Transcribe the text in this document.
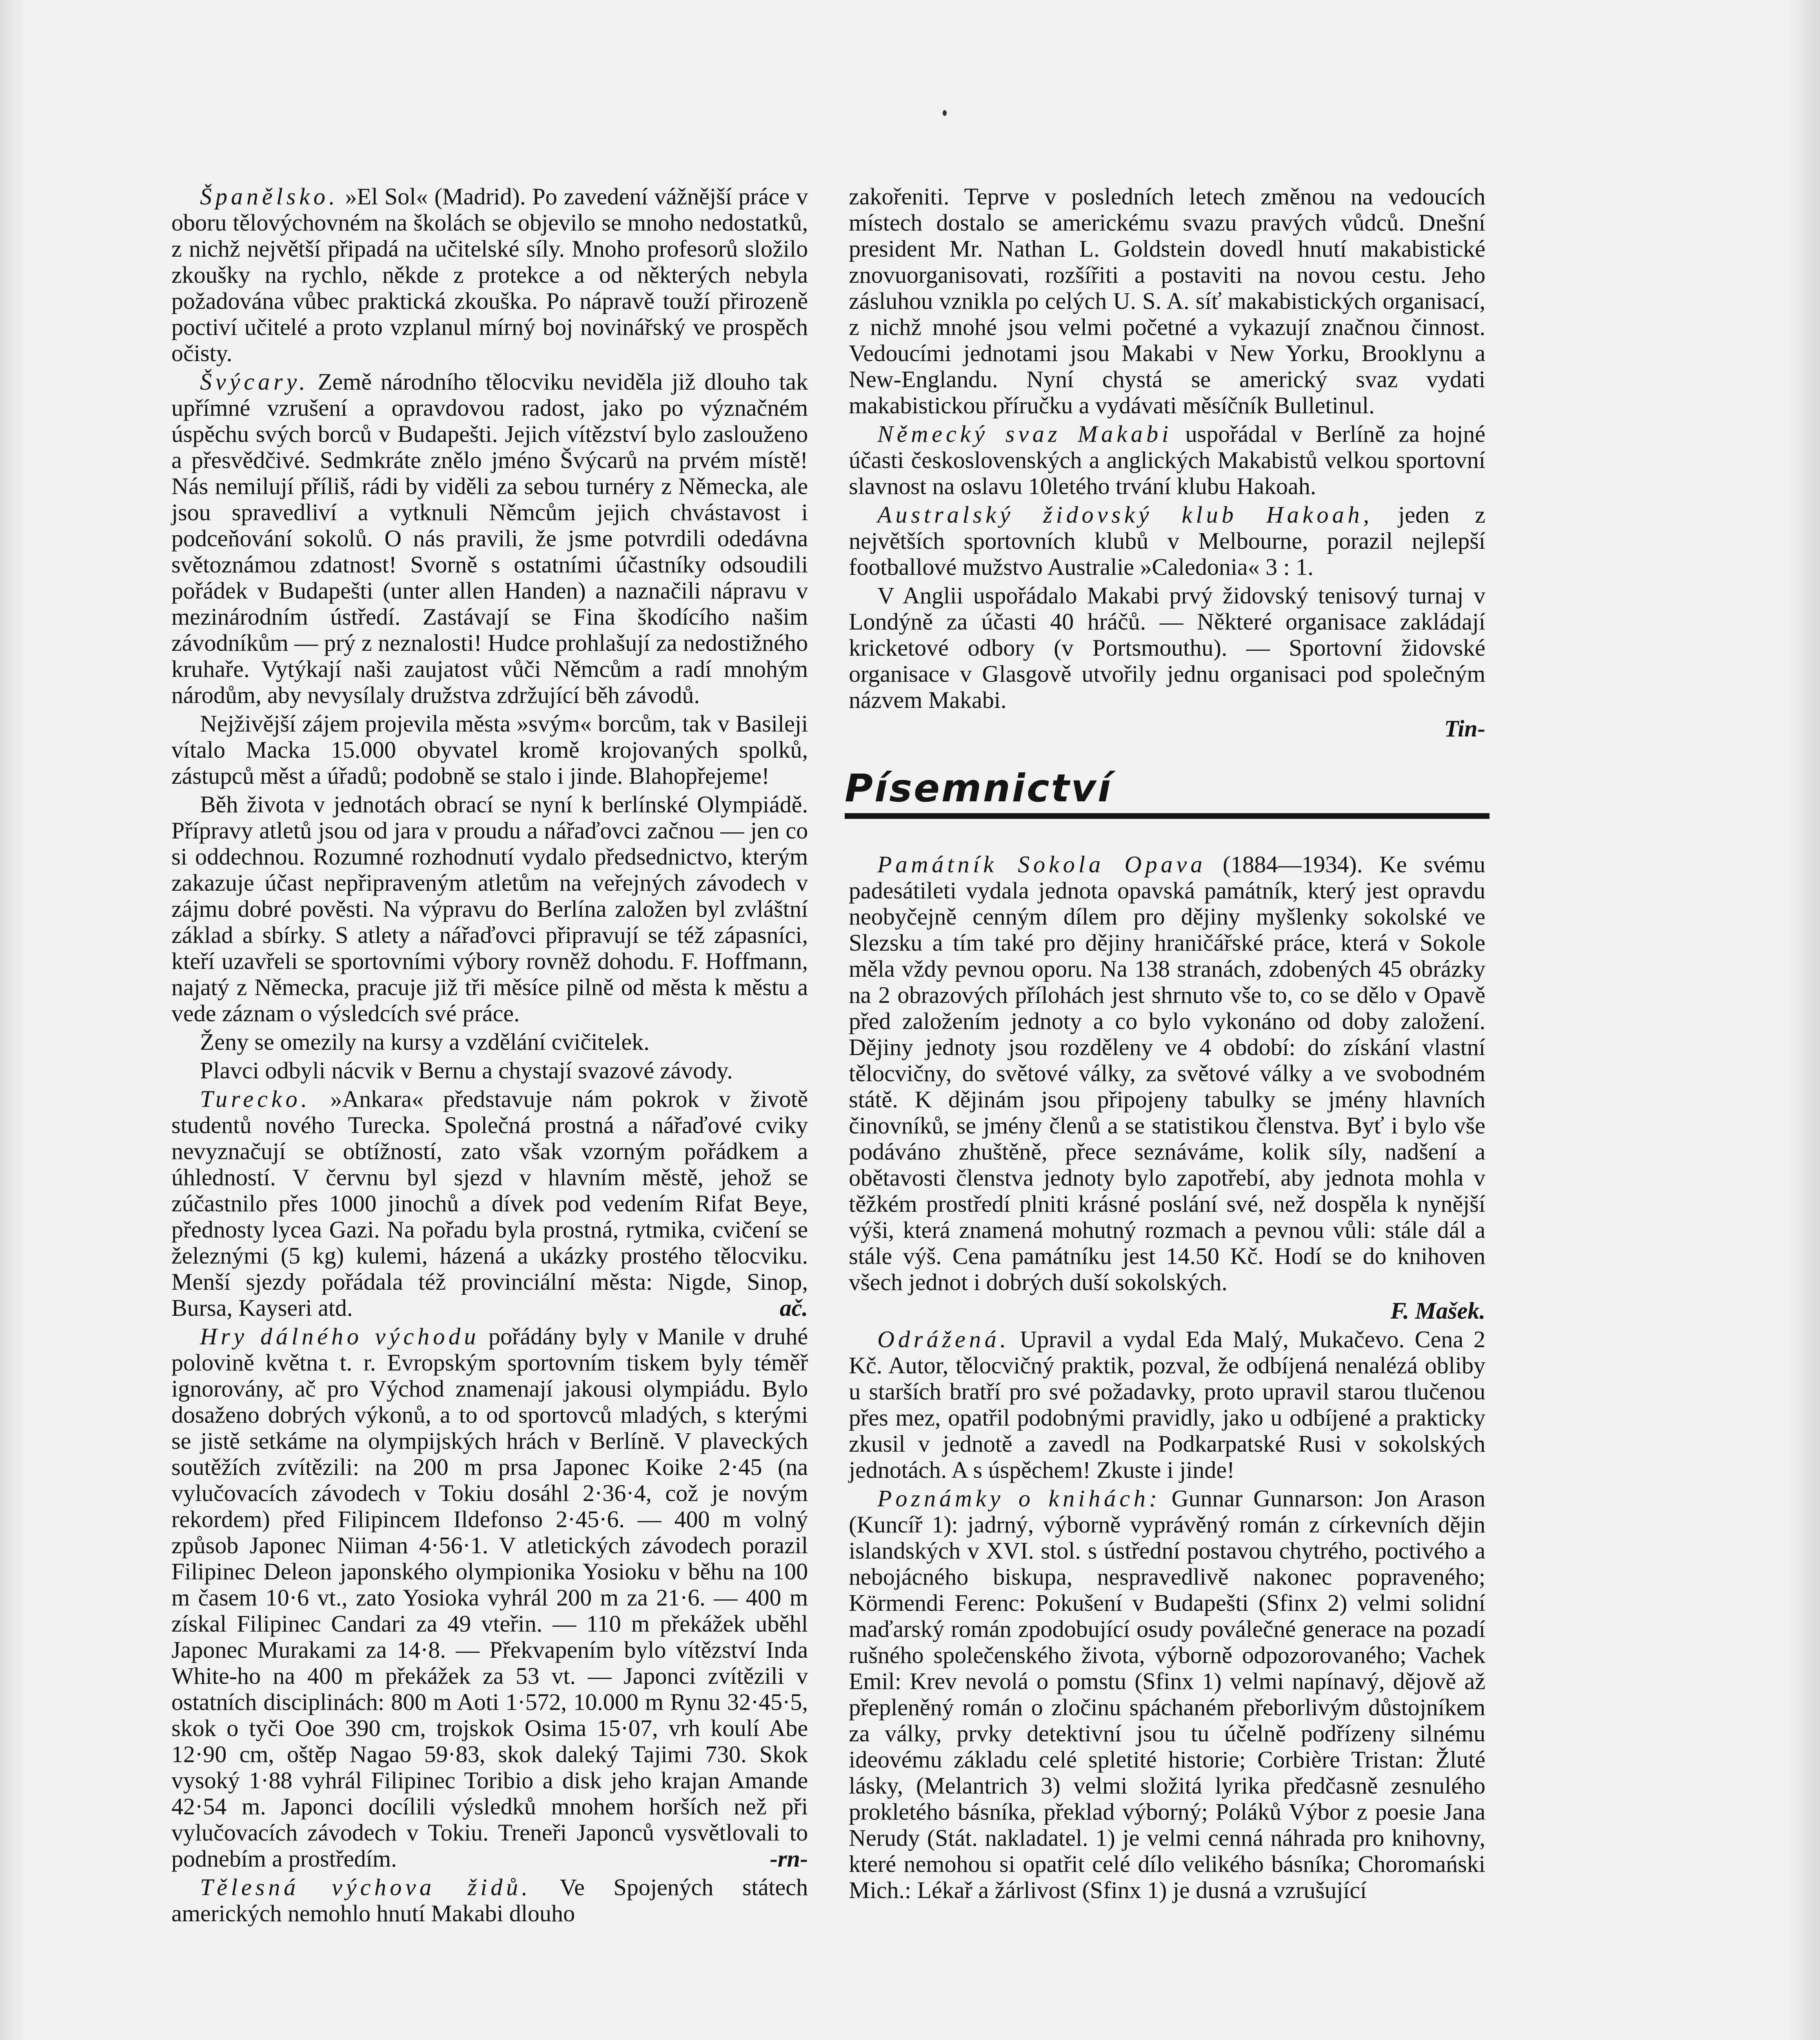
Španělsko. »El Sol« (Madrid). Po zavedení vážnější práce v oboru tělovýchovném na školách se objevilo se mnoho nedostatků, z nichž největší připadá na učitelské síly. Mnoho profesorů složilo zkoušky na rychlo, někde z protekce a od některých nebyla požadována vůbec praktická zkouška. Po nápravě touží přirozeně poctiví učitelé a proto vzplanul mírný boj novinářský ve prospěch očisty.

Švýcary. Země národního tělocviku neviděla již dlouho tak upřímné vzrušení a opravdovou radost, jako po význačném úspěchu svých borců v Budapešti. Jejich vítězství bylo zaslouženo a přesvědčivé. Sedmkráte znělo jméno Švýcarů na prvém místě! Nás nemilují příliš, rádi by viděli za sebou turnéry z Německa, ale jsou spravedliví a vytknuli Němcům jejich chvástavost i podceňování sokolů. O nás pravili, že jsme potvrdili odedávna světoznámou zdatnost! Svorně s ostatními účastníky odsoudili pořádek v Budapešti (unter allen Handen) a naznačili nápravu v mezinárodním ústředí. Zastávají se Fina škodícího našim závodníkům — prý z neznalosti! Hudce prohlašují za nedostižného kruhaře. Vytýkají naši zaujatost vůči Němcům a radí mnohým národům, aby nevysílaly družstva zdržující běh závodů.

Nejživější zájem projevila města »svým« borcům, tak v Basileji vítalo Macka 15.000 obyvatel kromě krojovaných spolků, zástupců měst a úřadů; podobně se stalo i jinde. Blahopřejeme!

Běh života v jednotách obrací se nyní k berlínské Olympiádě. Přípravy atletů jsou od jara v proudu a nářaďovci začnou — jen co si oddechnou. Rozumné rozhodnutí vydalo předsednictvo, kterým zakazuje účast nepřipraveným atletům na veřejných závodech v zájmu dobré pověsti. Na výpravu do Berlína založen byl zvláštní základ a sbírky. S atlety a nářaďovci připravují se též zápasníci, kteří uzavřeli se sportovními výbory rovněž dohodu. F. Hoffmann, najatý z Německa, pracuje již tři měsíce pilně od města k městu a vede záznam o výsledcích své práce.

Ženy se omezily na kursy a vzdělání cvičitelek.

Plavci odbyli nácvik v Bernu a chystají svazové závody.

Turecko. »Ankara« představuje nám pokrok v životě studentů nového Turecka. Společná prostná a nářaďové cviky nevyznačují se obtížností, zato však vzorným pořádkem a úhledností. V červnu byl sjezd v hlavním městě, jehož se zúčastnilo přes 1000 jinochů a dívek pod vedením Rifat Beye, přednosty lycea Gazi. Na pořadu byla prostná, rytmika, cvičení se železnými (5 kg) kulemi, házená a ukázky prostého tělocviku. Menší sjezdy pořádala též provinciální města: Nigde, Sinop, Bursa, Kayseri atd.	ač.

Hry dálného východu pořádány byly v Manile v druhé polovině května t. r. Evropským sportovním tiskem byly téměř ignorovány, ač pro Východ znamenají jakousi olympiádu. Bylo dosaženo dobrých výkonů, a to od sportovců mladých, s kterými se jistě setkáme na olympijských hrách v Berlíně. V plaveckých soutěžích zvítězili: na 200 m prsa Japonec Koike 2·45 (na vylučovacích závodech v Tokiu dosáhl 2·36·4, což je novým rekordem) před Filipincem Ildefonso 2·45·6. — 400 m volný způsob Japonec Niiman 4·56·1. V atletických závodech porazil Filipinec Deleon japonského olympionika Yosioku v běhu na 100 m časem 10·6 vt., zato Yosioka vyhrál 200 m za 21·6. — 400 m získal Filipinec Candari za 49 vteřin. — 110 m překážek uběhl Japonec Murakami za 14·8. — Překvapením bylo vítězství Inda White-ho na 400 m překážek za 53 vt. — Japonci zvítězili v ostatních disciplinách: 800 m Aoti 1·572, 10.000 m Rynu 32·45·5, skok o tyči Ooe 390 cm, trojskok Osima 15·07, vrh koulí Abe 12·90 cm, oštěp Nagao 59·83, skok daleký Tajimi 730. Skok vysoký 1·88 vyhrál Filipinec Toribio a disk jeho krajan Amande 42·54 m. Japonci docílili výsledků mnohem horších než při vylučovacích závodech v Tokiu. Treneři Japonců vysvětlovali to podnebím a prostředím.	-rn-

Tělesná výchova židů. Ve Spojených státech amerických nemohlo hnutí Makabi dlouho

zakořeniti. Teprve v posledních letech změnou na vedoucích místech dostalo se americkému svazu pravých vůdců. Dnešní president Mr. Nathan L. Goldstein dovedl hnutí makabistické znovuorganisovati, rozšířiti a postaviti na novou cestu. Jeho zásluhou vznikla po celých U. S. A. síť makabistických organisací, z nichž mnohé jsou velmi početné a vykazují značnou činnost. Vedoucími jednotami jsou Makabi v New Yorku, Brooklynu a New-Englandu. Nyní chystá se americký svaz vydati makabistickou příručku a vydávati měsíčník Bulletinul.

Německý svaz Makabi uspořádal v Berlíně za hojné účasti československých a anglických Makabistů velkou sportovní slavnost na oslavu 10letého trvání klubu Hakoah.

Australský židovský klub Hakoah, jeden z největších sportovních klubů v Melbourne, porazil nejlepší footballové mužstvo Australie »Caledonia« 3 : 1.

V Anglii uspořádalo Makabi prvý židovský tenisový turnaj v Londýně za účasti 40 hráčů. — Některé organisace zakládají kricketové odbory (v Portsmouthu). — Sportovní židovské organisace v Glasgově utvořily jednu organisaci pod společným názvem Makabi.

Tin-

Písemnictví

Památník Sokola Opava (1884—1934). Ke svému padesátileti vydala jednota opavská památník, který jest opravdu neobyčejně cenným dílem pro dějiny myšlenky sokolské ve Slezsku a tím také pro dějiny hraničářské práce, která v Sokole měla vždy pevnou oporu. Na 138 stranách, zdobených 45 obrázky na 2 obrazových přílohách jest shrnuto vše to, co se dělo v Opavě před založením jednoty a co bylo vykonáno od doby založení. Dějiny jednoty jsou rozděleny ve 4 období: do získání vlastní tělocvičny, do světové války, za světové války a ve svobodném státě. K dějinám jsou připojeny tabulky se jmény hlavních činovníků, se jmény členů a se statistikou členstva. Byť i bylo vše podáváno zhuštěně, přece seznáváme, kolik síly, nadšení a obětavosti členstva jednoty bylo zapotřebí, aby jednota mohla v těžkém prostředí plniti krásné poslání své, než dospěla k nynější výši, která znamená mohutný rozmach a pevnou vůli: stále dál a stále výš. Cena památníku jest 14.50 Kč. Hodí se do knihoven všech jednot i dobrých duší sokolských.

F. Mašek.

Odrážená. Upravil a vydal Eda Malý, Mukačevo. Cena 2 Kč. Autor, tělocvičný praktik, pozval, že odbíjená nenalézá obliby u starších bratří pro své požadavky, proto upravil starou tlučenou přes mez, opatřil podobnými pravidly, jako u odbíjené a prakticky zkusil v jednotě a zavedl na Podkarpatské Rusi v sokolských jednotách. A s úspěchem! Zkuste i jinde!

Poznámky o knihách: Gunnar Gunnarson: Jon Arason (Kuncíř 1): jadrný, výborně vyprávěný román z církevních dějin islandských v XVI. stol. s ústřední postavou chytrého, poctivého a nebojácného biskupa, nespravedlivě nakonec popraveného; Körmendi Ferenc: Pokušení v Budapešti (Sfinx 2) velmi solidní maďarský román zpodobující osudy poválečné generace na pozadí rušného společenského života, výborně odpozorovaného; Vachek Emil: Krev nevolá o pomstu (Sfinx 1) velmi napínavý, dějově až přepleněný román o zločinu spáchaném přeborlivým důstojníkem za války, prvky detektivní jsou tu účelně podřízeny silnému ideovému základu celé spletité historie; Corbière Tristan: Žluté lásky, (Melantrich 3) velmi složitá lyrika předčasně zesnulého prokletého básníka, překlad výborný; Poláků Výbor z poesie Jana Nerudy (Stát. nakladatel. 1) je velmi cenná náhrada pro knihovny, které nemohou si opatřit celé dílo velikého básníka; Choromański Mich.: Lékař a žárlivost (Sfinx 1) je dusná a vzrušující
